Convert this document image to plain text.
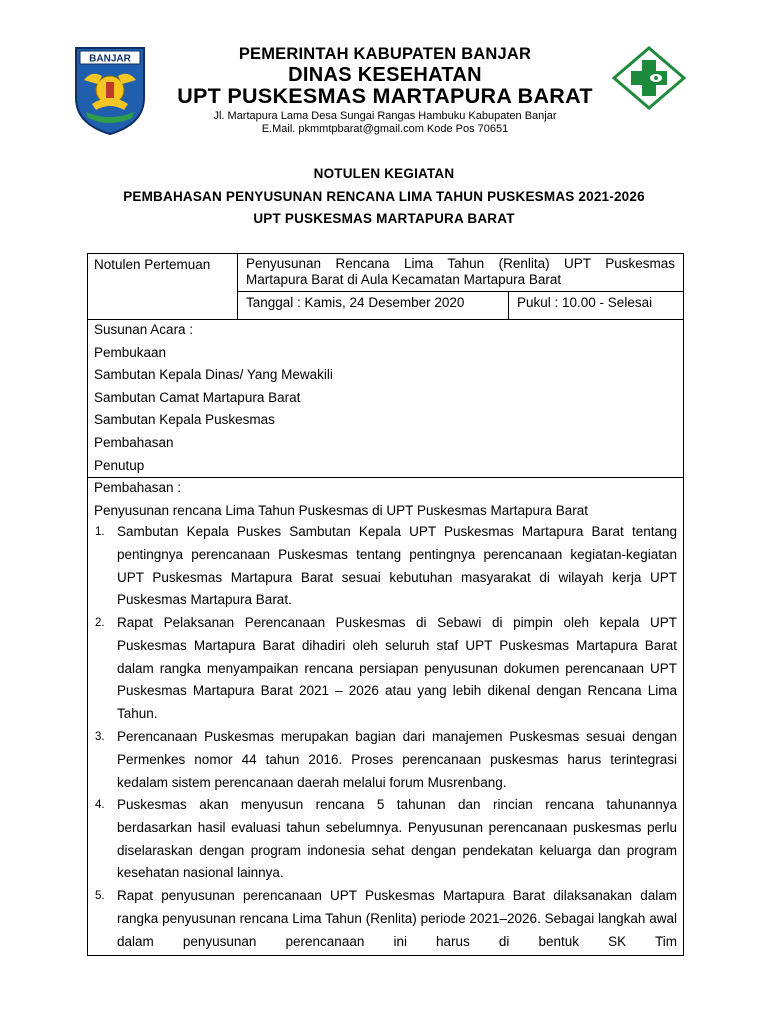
BANJAR	PEMERINTAH KABUPATEN BANJAR
DINAS KESEHATAN
UPT PUSKESMAS MARTAPURA BARAT
Jl. Martapura Lama Desa Sungai Rangas Hambuku Kabupaten Banjar
E.Mail. pkmmtpbarat@gmail.com Kode Pos 70651
NOTULEN KEGIATAN
PEMBAHASAN PENYUSUNAN RENCANA LIMA TAHUN PUSKESMAS 2021-2026
UPT PUSKESMAS MARTAPURA BARAT
Notulen Pertemuan	Penyusunan Rencana Lima Tahun (Renlita) UPT Puskesmas Martapura Barat di Aula Kecamatan Martapura Barat
Tanggal : Kamis, 24 Desember 2020	Pukul : 10.00 - Selesai
Susunan Acara :
Pembukaan
Sambutan Kepala Dinas/ Yang Mewakili
Sambutan Camat Martapura Barat
Sambutan Kepala Puskesmas
Pembahasan
Penutup
Pembahasan :
Penyusunan rencana Lima Tahun Puskesmas di UPT Puskesmas Martapura Barat
1. Sambutan Kepala Puskes Sambutan Kepala UPT Puskesmas Martapura Barat tentang pentingnya perencanaan Puskesmas tentang pentingnya perencanaan kegiatan-kegiatan UPT Puskesmas Martapura Barat sesuai kebutuhan masyarakat di wilayah kerja UPT Puskesmas Martapura Barat.
2. Rapat Pelaksanan Perencanaan Puskesmas di Sebawi di pimpin oleh kepala UPT Puskesmas Martapura Barat dihadiri oleh seluruh staf UPT Puskesmas Martapura Barat dalam rangka menyampaikan rencana persiapan penyusunan dokumen perencanaan UPT Puskesmas Martapura Barat 2021 – 2026 atau yang lebih dikenal dengan Rencana Lima Tahun.
3. Perencanaan Puskesmas merupakan bagian dari manajemen Puskesmas sesuai dengan Permenkes nomor 44 tahun 2016. Proses perencanaan puskesmas harus terintegrasi kedalam sistem perencanaan daerah melalui forum Musrenbang.
4. Puskesmas akan menyusun rencana 5 tahunan dan rincian rencana tahunannya berdasarkan hasil evaluasi tahun sebelumnya. Penyusunan perencanaan puskesmas perlu diselaraskan dengan program indonesia sehat dengan pendekatan keluarga dan program kesehatan nasional lainnya.
5. Rapat penyusunan perencanaan UPT Puskesmas Martapura Barat dilaksanakan dalam rangka penyusunan rencana Lima Tahun (Renlita) periode 2021–2026. Sebagai langkah awal dalam penyusunan perencanaan ini harus di bentuk SK Tim
